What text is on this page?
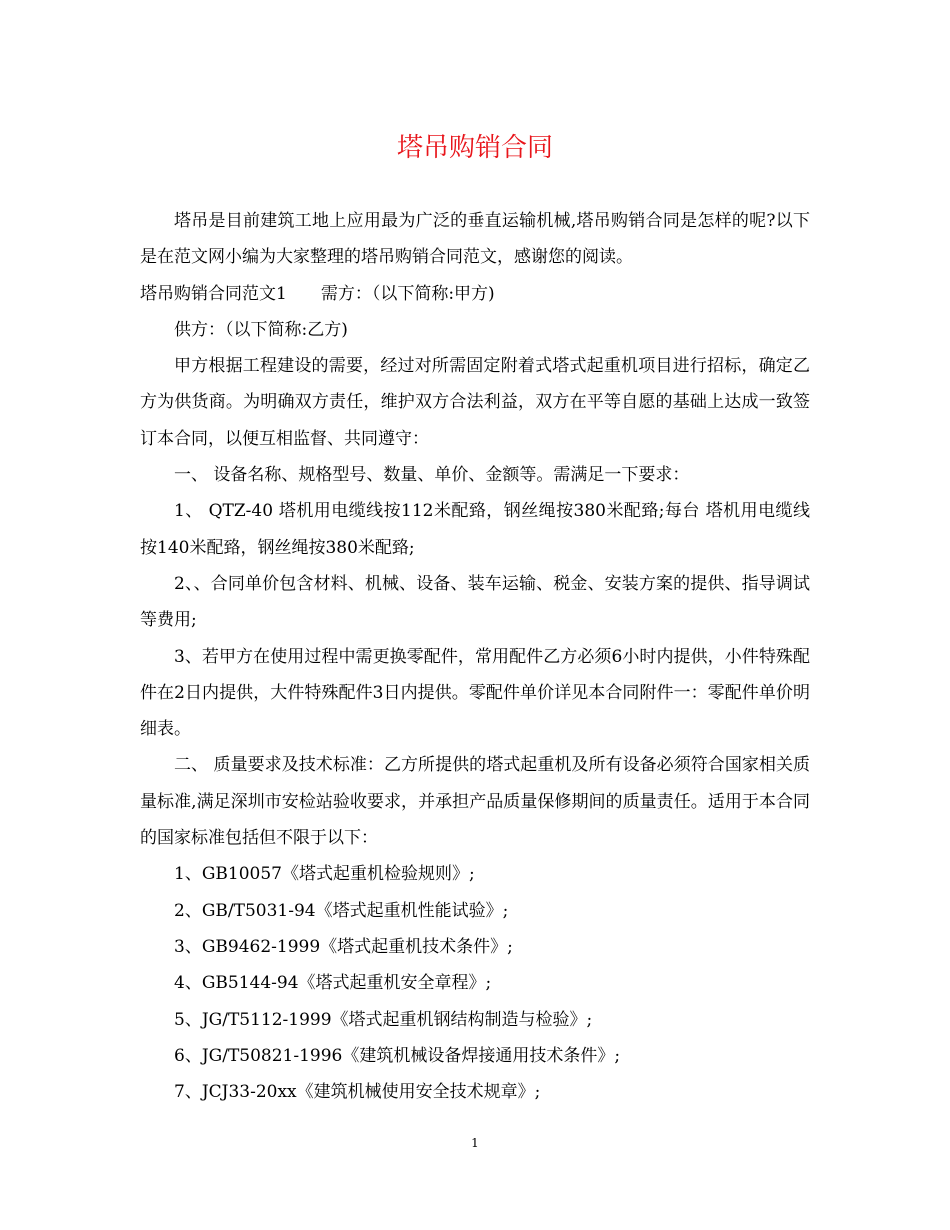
塔吊购销合同

塔吊是目前建筑工地上应用最为广泛的垂直运输机械,塔吊购销合同是怎样的呢?以下是在范文网小编为大家整理的塔吊购销合同范文，感谢您的阅读。

塔吊购销合同范文1　　需方：（以下简称:甲方)

供方：（以下简称:乙方)

甲方根据工程建设的需要，经过对所需固定附着式塔式起重机项目进行招标，确定乙方为供货商。为明确双方责任，维护双方合法利益，双方在平等自愿的基础上达成一致签订本合同，以便互相监督、共同遵守：

一、 设备名称、规格型号、数量、单价、金额等。需满足一下要求：

1、 QTZ-40 塔机用电缆线按112米配臵，钢丝绳按380米配臵;每台 塔机用电缆线按140米配臵，钢丝绳按380米配臵;

2、、合同单价包含材料、机械、设备、装车运输、税金、安装方案的提供、指导调试等费用;

3、若甲方在使用过程中需更换零配件，常用配件乙方必须6小时内提供，小件特殊配件在2日内提供，大件特殊配件3日内提供。零配件单价详见本合同附件一：零配件单价明细表。

二、 质量要求及技术标准：乙方所提供的塔式起重机及所有设备必须符合国家相关质量标准,满足深圳市安检站验收要求，并承担产品质量保修期间的质量责任。适用于本合同的国家标准包括但不限于以下：

1、GB10057《塔式起重机检验规则》;

2、GB/T5031-94《塔式起重机性能试验》;

3、GB9462-1999《塔式起重机技术条件》;

4、GB5144-94《塔式起重机安全章程》;

5、JG/T5112-1999《塔式起重机钢结构制造与检验》;

6、JG/T50821-1996《建筑机械设备焊接通用技术条件》;

7、JCJ33-20xx《建筑机械使用安全技术规章》;

1
